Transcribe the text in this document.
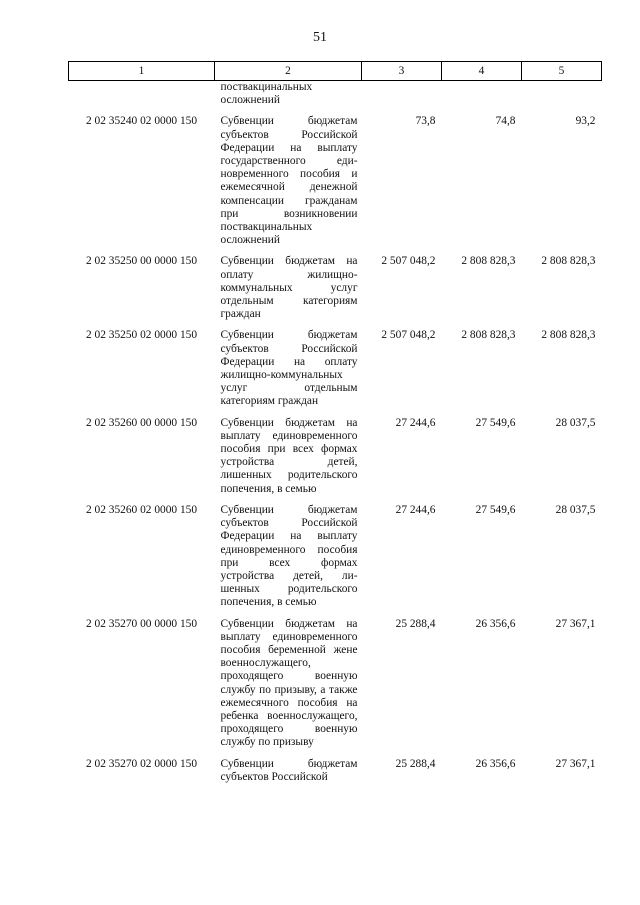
51
1	2	3	4	5
	поствакцинальных осложнений			
2 02 35240 02 0000 150	Субвенции бюджетам субъектов Российской Федерации на выплату государственного единовременного пособия и ежемесячной денежной компенсации гражданам при возникновении поствакцинальных осложнений	73,8	74,8	93,2
2 02 35250 00 0000 150	Субвенции бюджетам на оплату жилищно-коммунальных услуг отдельным категориям граждан	2 507 048,2	2 808 828,3	2 808 828,3
2 02 35250 02 0000 150	Субвенции бюджетам субъектов Российской Федерации на оплату жилищно-коммунальных услуг отдельным категориям граждан	2 507 048,2	2 808 828,3	2 808 828,3
2 02 35260 00 0000 150	Субвенции бюджетам на выплату единовременного пособия при всех формах устройства детей, лишенных родительского попечения, в семью	27 244,6	27 549,6	28 037,5
2 02 35260 02 0000 150	Субвенции бюджетам субъектов Российской Федерации на выплату единовременного пособия при всех формах устройства детей, лишенных родительского попечения, в семью	27 244,6	27 549,6	28 037,5
2 02 35270 00 0000 150	Субвенции бюджетам на выплату единовременного пособия беременной жене военнослужащего, проходящего военную службу по призыву, а также ежемесячного пособия на ребенка военнослужащего, проходящего военную службу по призыву	25 288,4	26 356,6	27 367,1
2 02 35270 02 0000 150	Субвенции бюджетам субъектов Российской	25 288,4	26 356,6	27 367,1
